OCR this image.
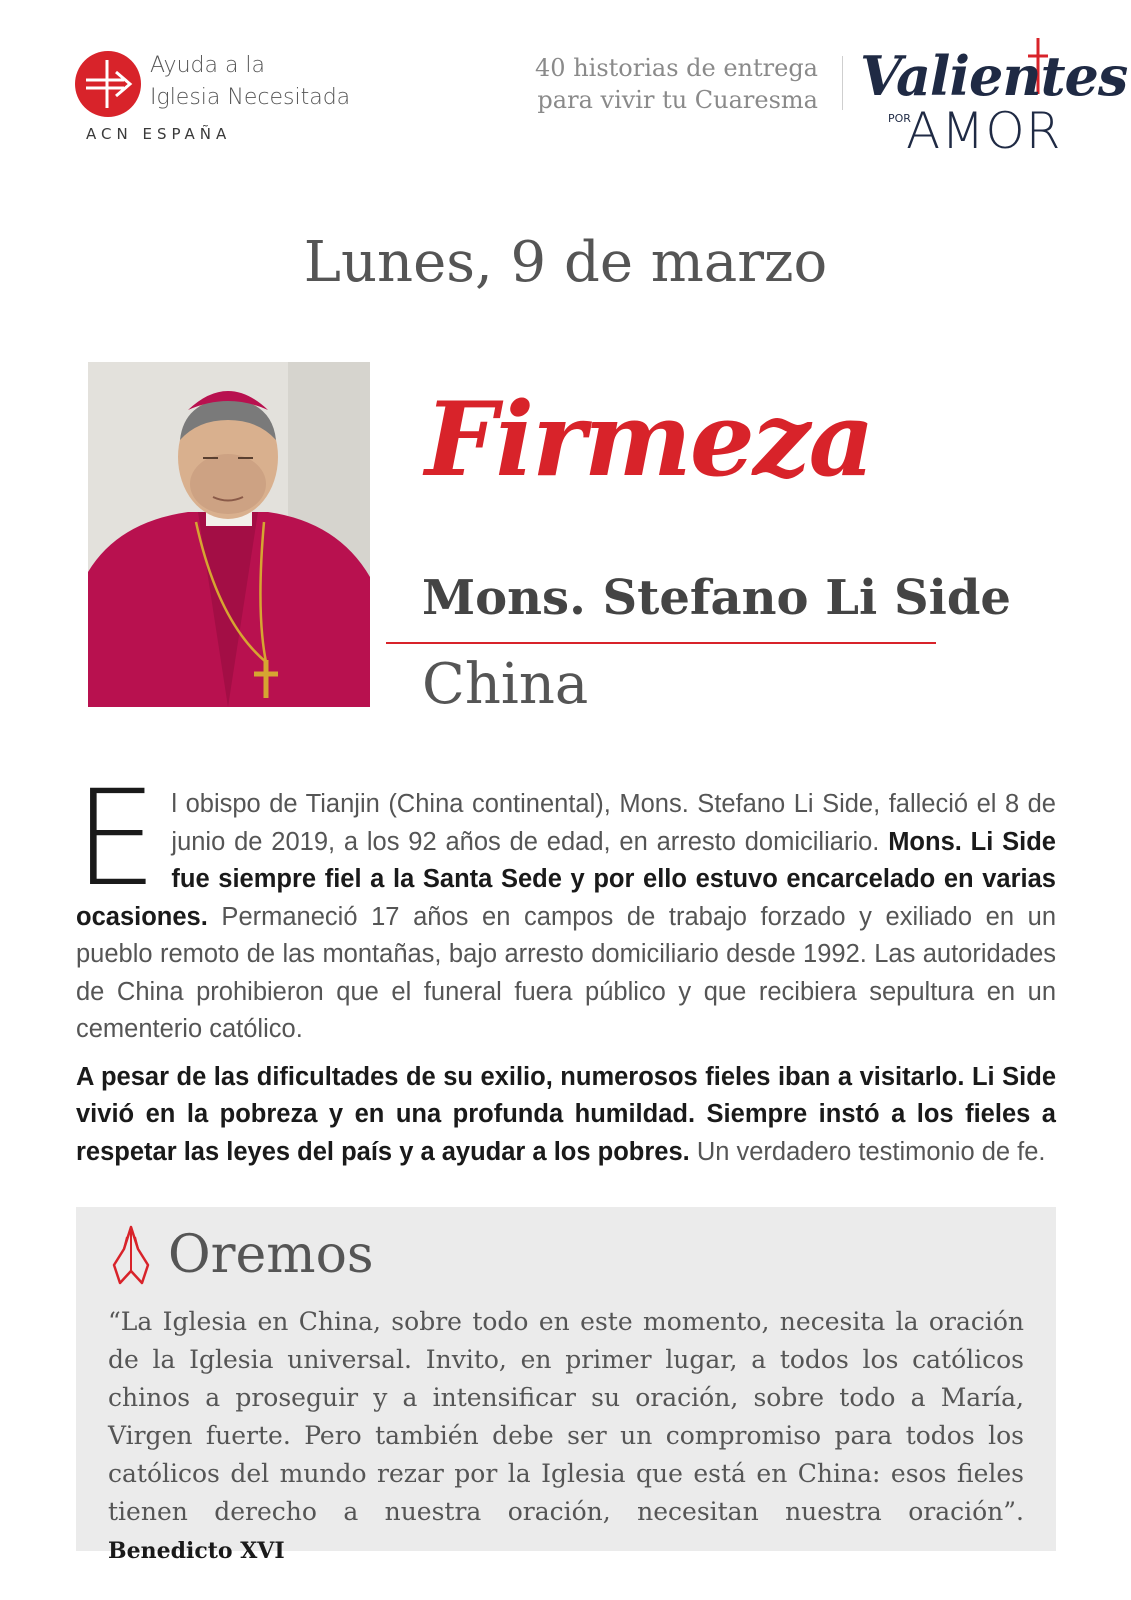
Ayuda a la
Iglesia Necesitada
ACN ESPAÑA
40 historias de entrega
para vivir tu Cuaresma Valientes
POR
AMOR
Lunes, 9 de marzo
Firmeza
Mons. Stefano Li Side
China

El obispo de Tianjin (China continental), Mons. Stefano Li Side, falleció el 8 de junio de 2019, a los 92 años de edad, en arresto domiciliario. Mons. Li Side fue siempre fiel a la Santa Sede y por ello estuvo encarcelado en varias ocasiones. Permaneció 17 años en campos de trabajo forzado y exiliado en un pueblo remoto de las montañas, bajo arresto domiciliario desde 1992. Las autoridades de China prohibieron que el funeral fuera público y que recibiera sepultura en un cementerio católico.

A pesar de las dificultades de su exilio, numerosos fieles iban a visitarlo. Li Side vivió en la pobreza y en una profunda humildad. Siempre instó a los fieles a respetar las leyes del país y a ayudar a los pobres. Un verdadero testimonio de fe.

Oremos
“La Iglesia en China, sobre todo en este momento, necesita la oración de la Iglesia universal. Invito, en primer lugar, a todos los católicos chinos a proseguir y a intensificar su oración, sobre todo a María, Virgen fuerte. Pero también debe ser un compromiso para todos los católicos del mundo rezar por la Iglesia que está en China: esos fieles tienen derecho a nuestra oración, necesitan nuestra oración”. Benedicto XVI
